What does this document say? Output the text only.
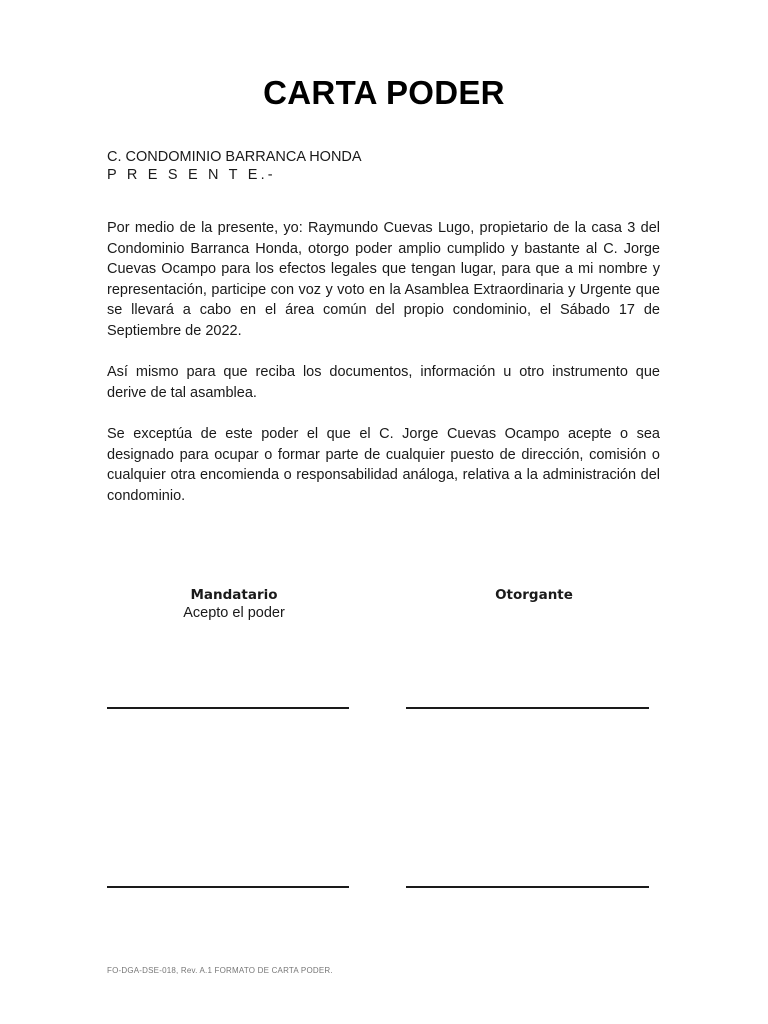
CARTA PODER
C. CONDOMINIO BARRANCA HONDA
P R E S E N T E.-

Por medio de la presente, yo: Raymundo Cuevas Lugo, propietario de la casa 3 del Condominio Barranca Honda, otorgo poder amplio cumplido y bastante al C. Jorge Cuevas Ocampo para los efectos legales que tengan lugar, para que a mi nombre y representación, participe con voz y voto en la Asamblea Extraordinaria y Urgente que se llevará a cabo en el área común del propio condominio, el Sábado 17 de Septiembre de 2022.

Así mismo para que reciba los documentos, información u otro instrumento que derive de tal asamblea.

Se exceptúa de este poder el que el C. Jorge Cuevas Ocampo acepte o sea designado para ocupar o formar parte de cualquier puesto de dirección, comisión o cualquier otra encomienda o responsabilidad análoga, relativa a la administración del condominio.

Mandatario
Acepto el poder
Otorgante
FO-DGA-DSE-018, Rev. A.1 FORMATO DE CARTA PODER.
